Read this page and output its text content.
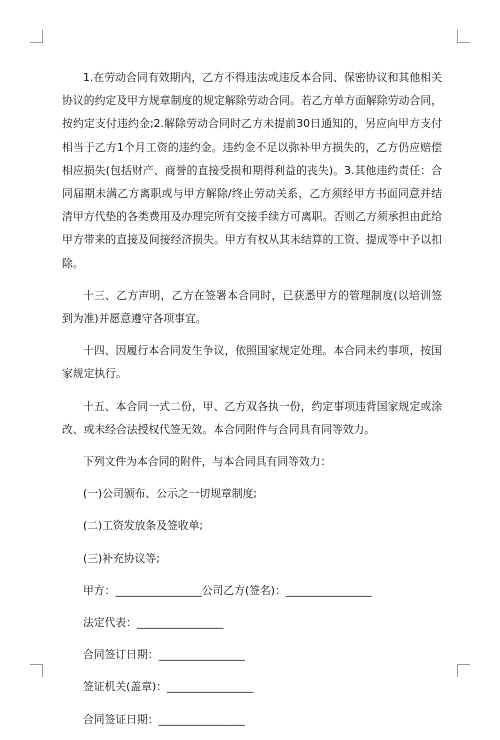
1.在劳动合同有效期内，乙方不得违法或违反本合同、保密协议和其他相关协议的约定及甲方规章制度的规定解除劳动合同。若乙方单方面解除劳动合同，按约定支付违约金;2.解除劳动合同时乙方未提前30日通知的，另应向甲方支付相当于乙方1个月工资的违约金。违约金不足以弥补甲方损失的，乙方仍应赔偿相应损失(包括财产、商誉的直接受损和期得利益的丧失)。3.其他违约责任：合同届期未满乙方离职或与甲方解除/终止劳动关系，乙方须经甲方书面同意并结清甲方代垫的各类费用及办理完所有交接手续方可离职。否则乙方须承担由此给甲方带来的直接及间接经济损失。甲方有权从其未结算的工资、提成等中予以扣除。

十三、乙方声明，乙方在签署本合同时，已获悉甲方的管理制度(以培训签到为准)并愿意遵守各项事宜。

十四、因履行本合同发生争议，依照国家规定处理。本合同未约事项，按国家规定执行。

十五、本合同一式二份，甲、乙方双各执一份，约定事项违背国家规定或涂改、或未经合法授权代签无效。本合同附件与合同具有同等效力。

下列文件为本合同的附件，与本合同具有同等效力：

(一)公司颁布、公示之一切规章制度;

(二)工资发放条及签收单;

(三)补充协议等;

甲方：________________公司乙方(签名)：________________

法定代表：________________

合同签订日期：________________

签证机关(盖章)：________________

合同签证日期：________________
